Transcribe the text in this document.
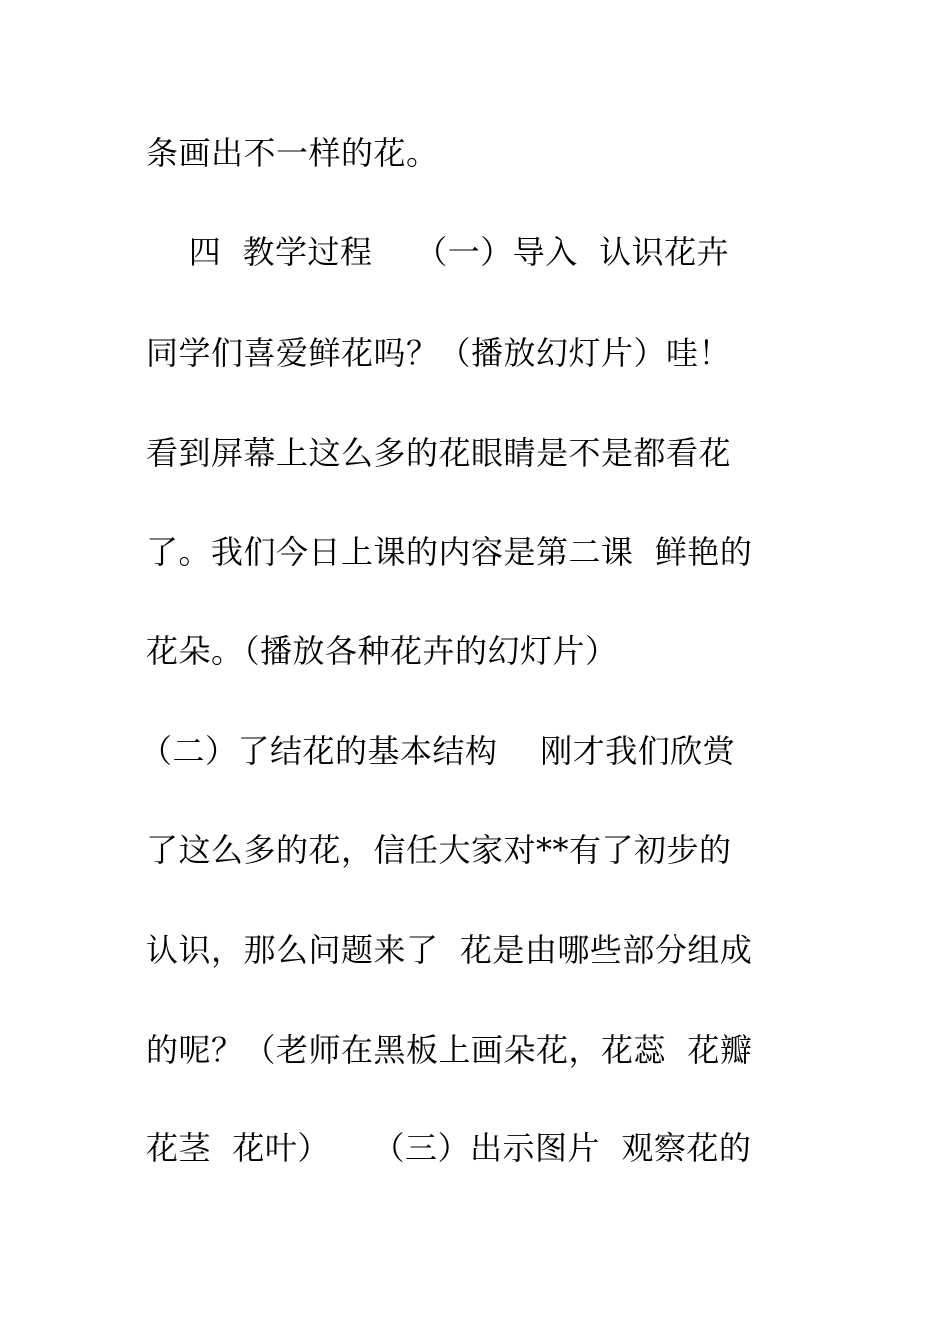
条画出不一样的花。
四  教学过程    （一）导入  认识花卉
同学们喜爱鲜花吗？（播放幻灯片）哇！
看到屏幕上这么多的花眼睛是不是都看花
了。我们今日上课的内容是第二课  鲜艳的
花朵。（播放各种花卉的幻灯片）
（二）了结花的基本结构    刚才我们欣赏
了这么多的花，信任大家对**有了初步的
认识，那么问题来了  花是由哪些部分组成
的呢？（老师在黑板上画朵花，花蕊  花瓣
花茎  花叶）    （三）出示图片  观察花的
